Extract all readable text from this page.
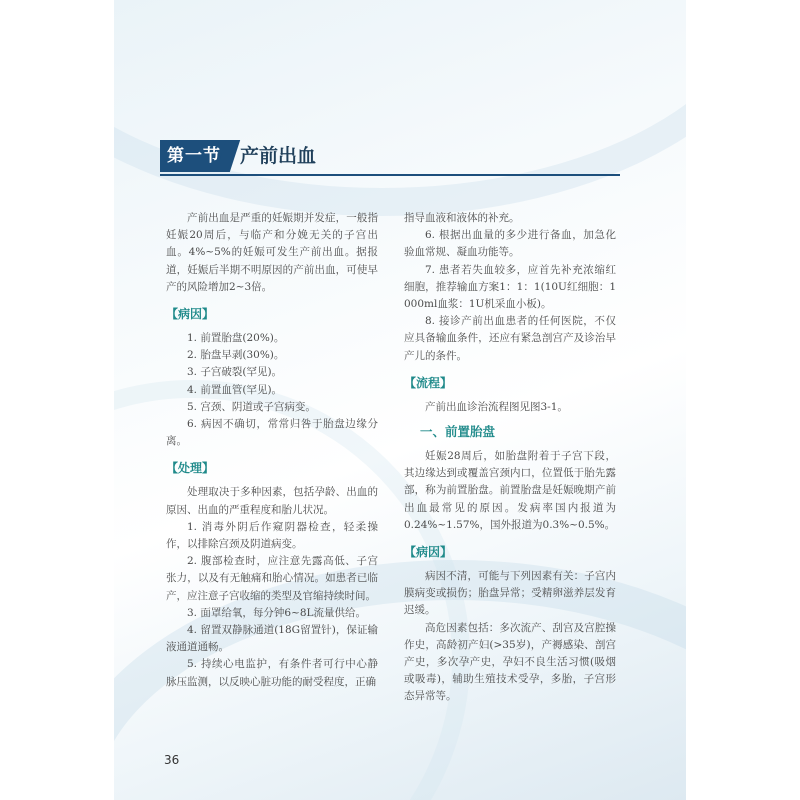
第一节	产前出血

产前出血是严重的妊娠期并发症，一般指妊娠20周后，与临产和分娩无关的子宫出血。4%~5%的妊娠可发生产前出血。据报道，妊娠后半期不明原因的产前出血，可使早产的风险增加2~3倍。

【病因】

1. 前置胎盘(20%)。

2. 胎盘早剥(30%)。

3. 子宫破裂(罕见)。

4. 前置血管(罕见)。

5. 宫颈、阴道或子宫病变。

6. 病因不确切，常常归咎于胎盘边缘分离。

【处理】

处理取决于多种因素，包括孕龄、出血的原因、出血的严重程度和胎儿状况。

1. 消毒外阴后作窥阴器检查，轻柔操作，以排除宫颈及阴道病变。

2. 腹部检查时，应注意先露高低、子宫张力，以及有无触痛和胎心情况。如患者已临产，应注意子宫收缩的类型及官缩持续时间。

3. 面罩给氧，每分钟6~8L流量供给。

4. 留置双静脉通道(18G留置针)，保证输液通道通畅。

5. 持续心电监护，有条件者可行中心静脉压监测，以反映心脏功能的耐受程度，正确

指导血液和液体的补充。

6. 根据出血量的多少进行备血，加急化验血常规、凝血功能等。

7. 患者若失血较多，应首先补充浓缩红细胞，推荐输血方案1：1：1(10U红细胞：1 000ml血浆：1U机采血小板)。

8. 接诊产前出血患者的任何医院，不仅应具备输血条件，还应有紧急剖宫产及诊治早产儿的条件。

【流程】

产前出血诊治流程图见图3-1。

一、前置胎盘

妊娠28周后，如胎盘附着于子宫下段，其边缘达到或覆盖宫颈内口，位置低于胎先露部，称为前置胎盘。前置胎盘是妊娠晚期产前出血最常见的原因。发病率国内报道为0.24%~1.57%，国外报道为0.3%~0.5%。

【病因】

病因不清，可能与下列因素有关：子宫内膜病变或损伤；胎盘异常；受精卵滋养层发育迟缓。

高危因素包括：多次流产、刮宫及宫腔操作史，高龄初产妇(>35岁)，产褥感染、剖宫产史，多次孕产史，孕妇不良生活习惯(吸烟或吸毒)，辅助生殖技术受孕，多胎，子宫形态异常等。

36
